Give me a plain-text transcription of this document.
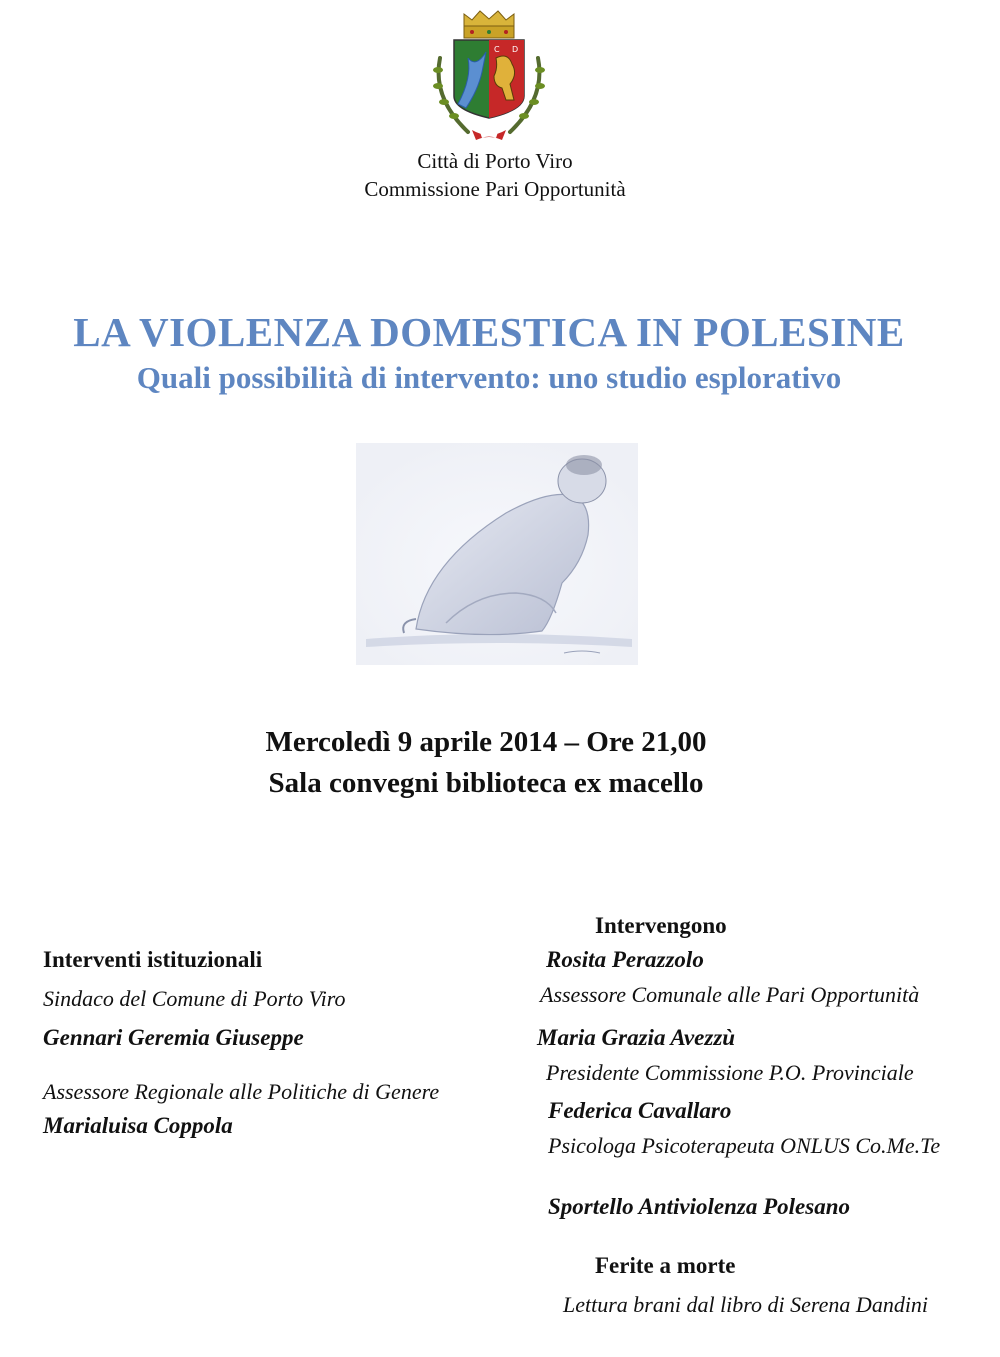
C D
Città di Porto Viro
Commissione Pari Opportunità
LA VIOLENZA DOMESTICA IN POLESINE
Quali possibilità di intervento: uno studio esplorativo
Mercoledì 9 aprile 2014 – Ore 21,00
Sala convegni biblioteca ex macello
Interventi istituzionali
Sindaco del Comune di Porto Viro
Gennari Geremia Giuseppe
Assessore Regionale alle Politiche di Genere
Marialuisa Coppola
Intervengono
Rosita Perazzolo
Assessore Comunale alle Pari Opportunità
Maria Grazia Avezzù
Presidente Commissione P.O. Provinciale
Federica Cavallaro
Psicologa Psicoterapeuta ONLUS Co.Me.Te
Sportello Antiviolenza Polesano
Ferite a morte
Lettura brani dal libro di Serena Dandini
